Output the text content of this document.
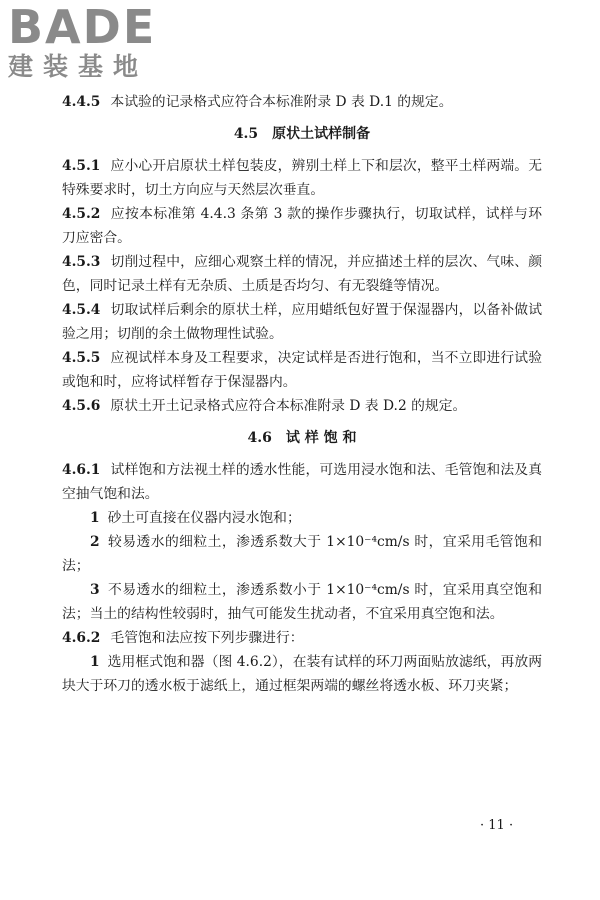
BADE
建装基地

4.4.5 本试验的记录格式应符合本标准附录 D 表 D.1 的规定。

4.5 原状土试样制备

4.5.1 应小心开启原状土样包装皮，辨别土样上下和层次，整平土样两端。无特殊要求时，切土方向应与天然层次垂直。

4.5.2 应按本标准第 4.4.3 条第 3 款的操作步骤执行，切取试样，试样与环刀应密合。

4.5.3 切削过程中，应细心观察土样的情况，并应描述土样的层次、气味、颜色，同时记录土样有无杂质、土质是否均匀、有无裂缝等情况。

4.5.4 切取试样后剩余的原状土样，应用蜡纸包好置于保湿器内，以备补做试验之用；切削的余土做物理性试验。

4.5.5 应视试样本身及工程要求，决定试样是否进行饱和，当不立即进行试验或饱和时，应将试样暂存于保湿器内。

4.5.6 原状土开土记录格式应符合本标准附录 D 表 D.2 的规定。

4.6 试 样 饱 和

4.6.1 试样饱和方法视土样的透水性能，可选用浸水饱和法、毛管饱和法及真空抽气饱和法。

1 砂土可直接在仪器内浸水饱和；

2 较易透水的细粒土，渗透系数大于 1×10⁻⁴cm/s 时，宜采用毛管饱和法；

3 不易透水的细粒土，渗透系数小于 1×10⁻⁴cm/s 时，宜采用真空饱和法；当土的结构性较弱时，抽气可能发生扰动者，不宜采用真空饱和法。

4.6.2 毛管饱和法应按下列步骤进行：

1 选用框式饱和器（图 4.6.2），在装有试样的环刀两面贴放滤纸，再放两块大于环刀的透水板于滤纸上，通过框架两端的螺丝将透水板、环刀夹紧；

· 11 ·
